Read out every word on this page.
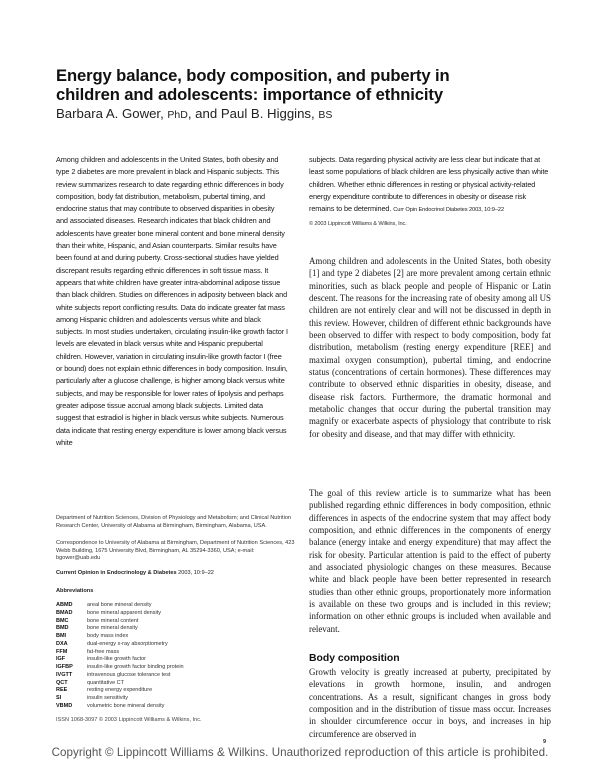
Energy balance, body composition, and puberty in children and adolescents: importance of ethnicity
Barbara A. Gower, PhD, and Paul B. Higgins, BS
Among children and adolescents in the United States, both obesity and type 2 diabetes are more prevalent in black and Hispanic subjects. This review summarizes research to date regarding ethnic differences in body composition, body fat distribution, metabolism, pubertal timing, and endocrine status that may contribute to observed disparities in obesity and associated diseases. Research indicates that black children and adolescents have greater bone mineral content and bone mineral density than their white, Hispanic, and Asian counterparts. Similar results have been found at and during puberty. Cross-sectional studies have yielded discrepant results regarding ethnic differences in soft tissue mass. It appears that white children have greater intra-abdominal adipose tissue than black children. Studies on differences in adiposity between black and white subjects report conflicting results. Data do indicate greater fat mass among Hispanic children and adolescents versus white and black subjects. In most studies undertaken, circulating insulin-like growth factor I levels are elevated in black versus white and Hispanic prepubertal children. However, variation in circulating insulin-like growth factor I (free or bound) does not explain ethnic differences in body composition. Insulin, particularly after a glucose challenge, is higher among black versus white subjects, and may be responsible for lower rates of lipolysis and perhaps greater adipose tissue accrual among black subjects. Limited data suggest that estradiol is higher in black versus white subjects. Numerous data indicate that resting energy expenditure is lower among black versus white
subjects. Data regarding physical activity are less clear but indicate that at least some populations of black children are less physically active than white children. Whether ethnic differences in resting or physical activity-related energy expenditure contribute to differences in obesity or disease risk remains to be determined. Curr Opin Endocrinol Diabetes 2003, 10:9–22
© 2003 Lippincott Williams & Wilkins, Inc.
Among children and adolescents in the United States, both obesity [1] and type 2 diabetes [2] are more prevalent among certain ethnic minorities, such as black people and people of Hispanic or Latin descent. The reasons for the increasing rate of obesity among all US children are not entirely clear and will not be discussed in depth in this review. However, children of different ethnic backgrounds have been observed to differ with respect to body composition, body fat distribution, metabolism (resting energy expenditure [REE] and maximal oxygen consumption), pubertal timing, and endocrine status (concentrations of certain hormones). These differences may contribute to observed ethnic disparities in obesity, disease, and disease risk factors. Furthermore, the dramatic hormonal and metabolic changes that occur during the pubertal transition may magnify or exacerbate aspects of physiology that contribute to risk for obesity and disease, and that may differ with ethnicity.
The goal of this review article is to summarize what has been published regarding ethnic differences in body composition, ethnic differences in aspects of the endocrine system that may affect body composition, and ethnic differences in the components of energy balance (energy intake and energy expenditure) that may affect the risk for obesity. Particular attention is paid to the effect of puberty and associated physiologic changes on these measures. Because white and black people have been better represented in research studies than other ethnic groups, proportionately more information is available on these two groups and is included in this review; information on other ethnic groups is included when available and relevant.
Body composition
Growth velocity is greatly increased at puberty, precipitated by elevations in growth hormone, insulin, and androgen concentrations. As a result, significant changes in gross body composition and in the distribution of tissue mass occur. Increases in shoulder circumference occur in boys, and increases in hip circumference are observed in
Department of Nutrition Sciences, Division of Physiology and Metabolism; and Clinical Nutrition Research Center, University of Alabama at Birmingham, Birmingham, Alabama, USA.
Correspondence to University of Alabama at Birmingham, Department of Nutrition Sciences, 423 Webb Building, 1675 University Blvd, Birmingham, AL 35294-3360, USA; e-mail: bgower@uab.edu
Current Opinion in Endocrinology & Diabetes 2003, 10:9–22
Abbreviations
ABMD	areal bone mineral density
BMAD	bone mineral apparent density
BMC	bone mineral content
BMD	bone mineral density
BMI	body mass index
DXA	dual-energy x-ray absorptiometry
FFM	fat-free mass
IGF	insulin-like growth factor
IGFBP	insulin-like growth factor binding protein
IVGTT	intravenous glucose tolerance test
QCT	quantitative CT
REE	resting energy expenditure
SI	insulin sensitivity
VBMD	volumetric bone mineral density
ISSN 1068-3097 © 2003 Lippincott Williams & Wilkins, Inc.
9
Copyright © Lippincott Williams & Wilkins. Unauthorized reproduction of this article is prohibited.
